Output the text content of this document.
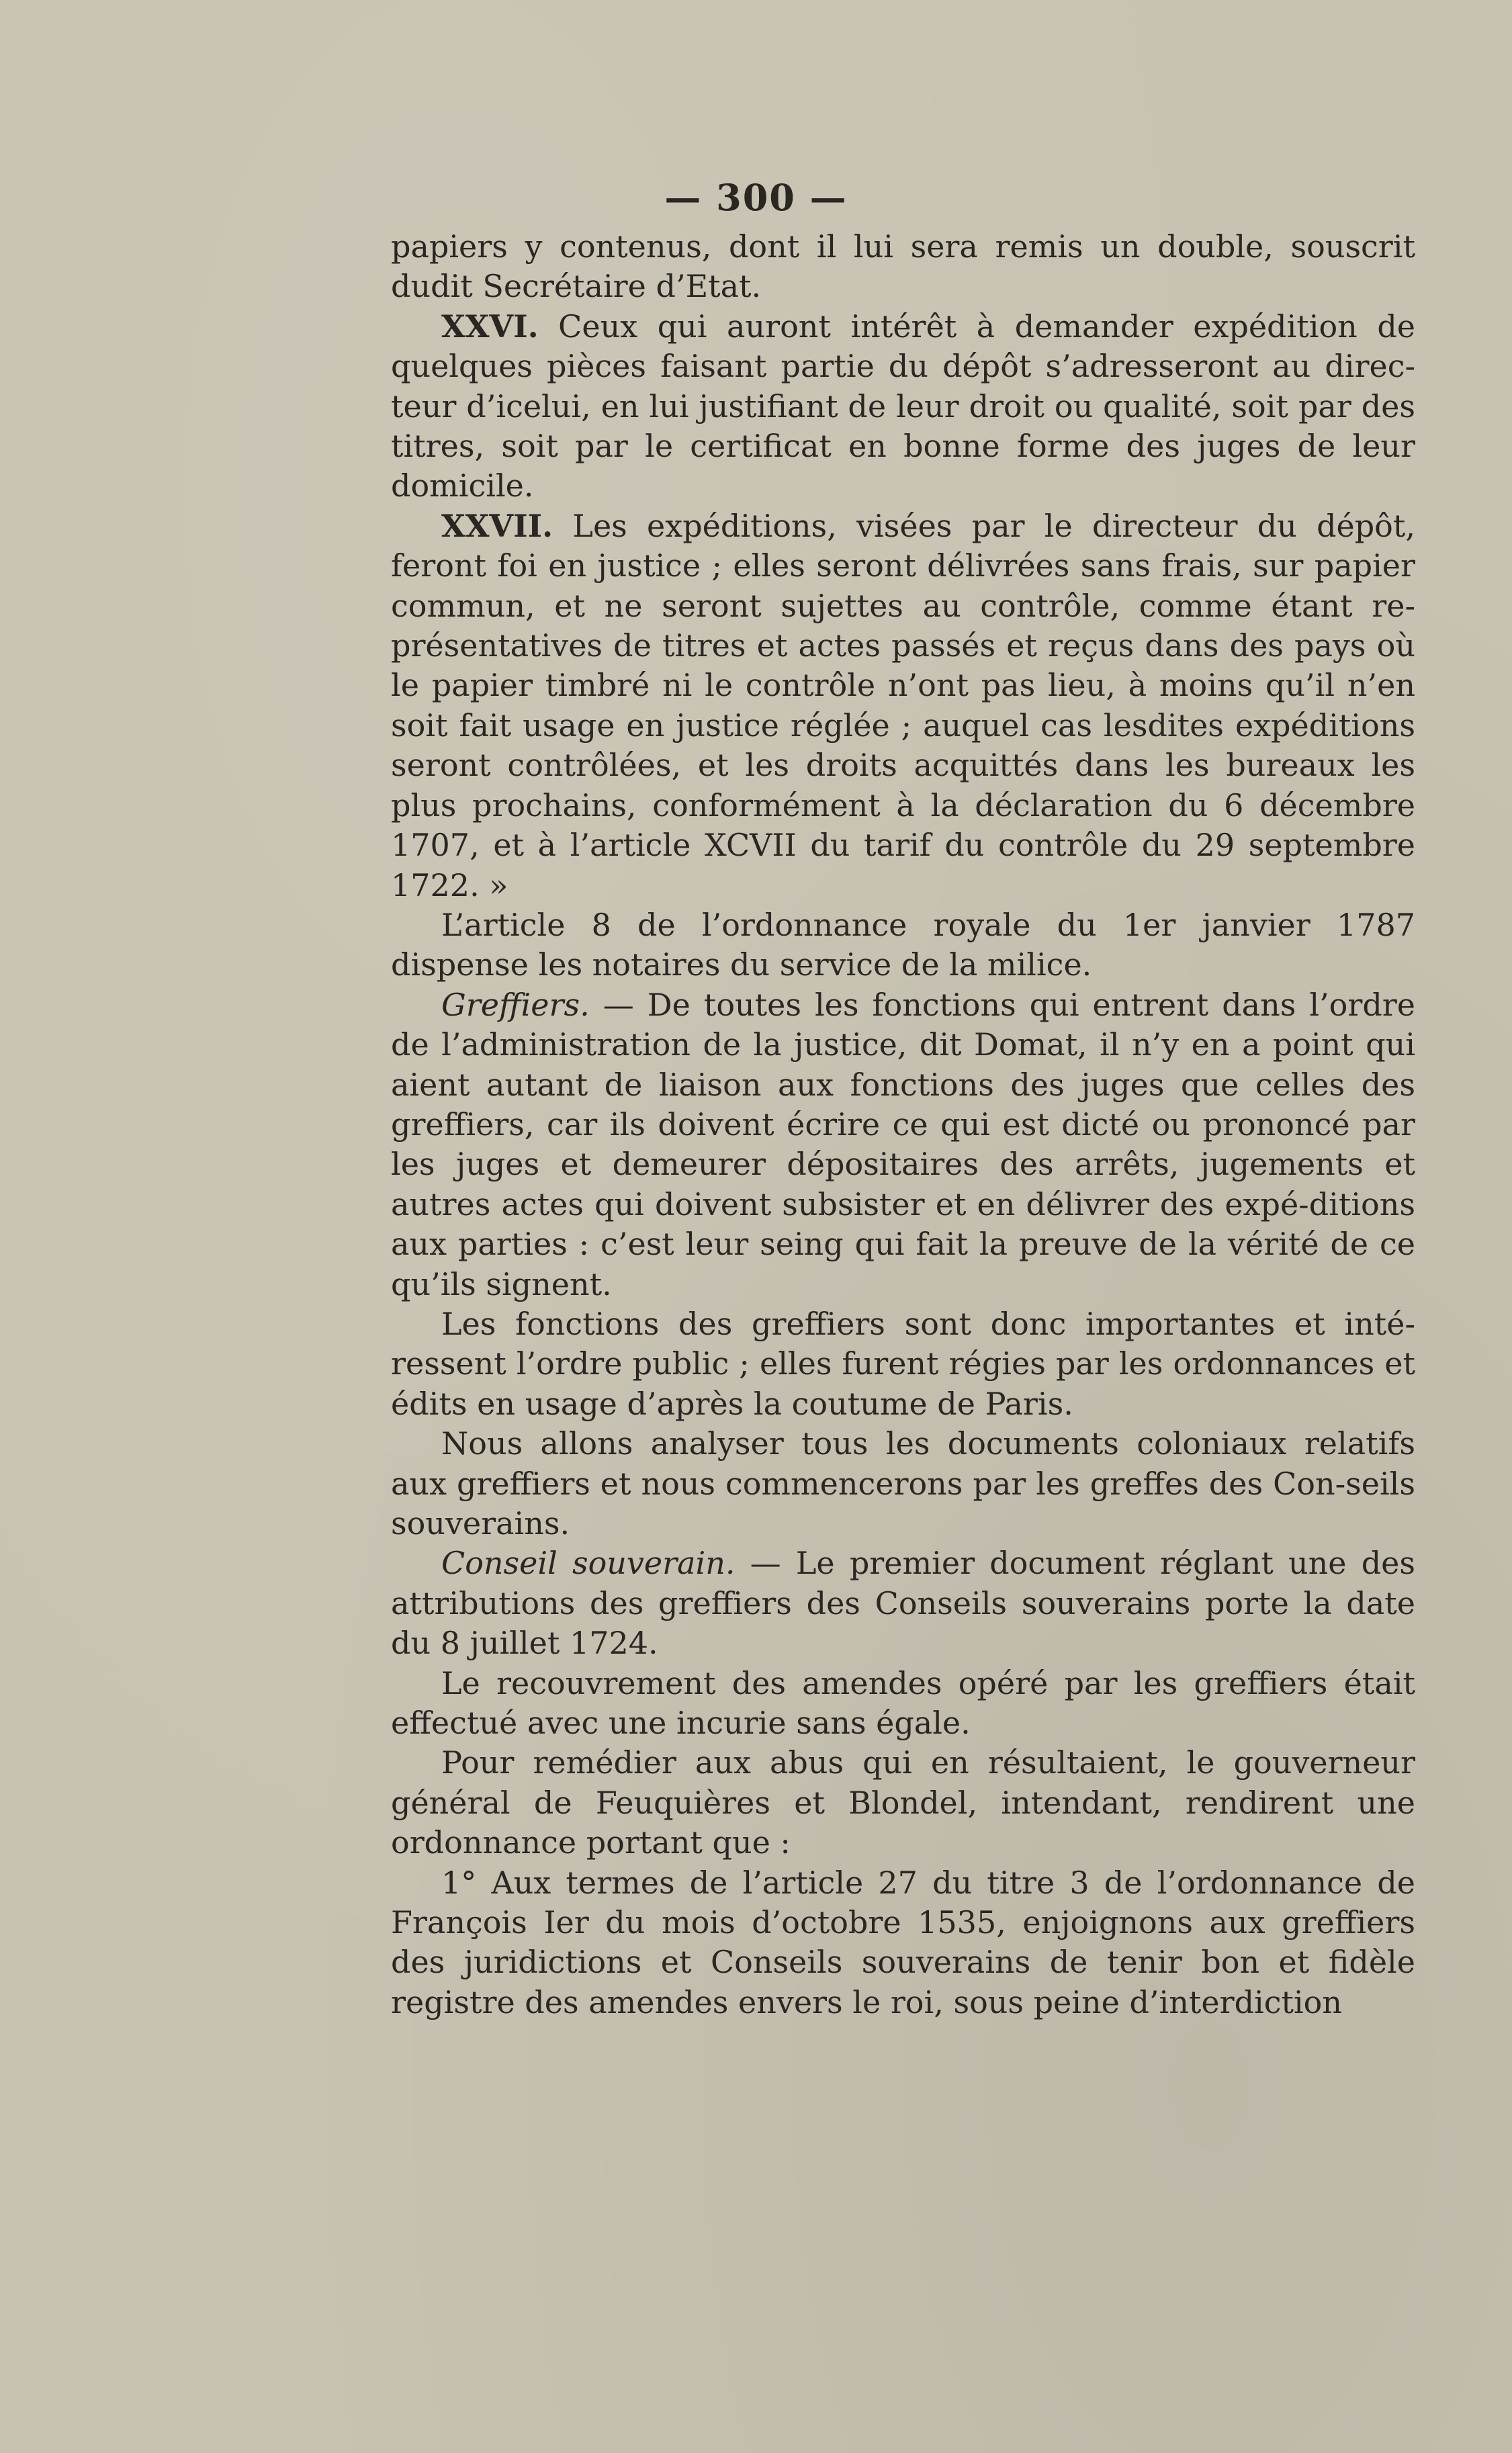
— 300 —

papiers y contenus, dont il lui sera remis un double, souscrit dudit Secrétaire d’Etat.

XXVI. Ceux qui auront intérêt à demander expédition de quelques pièces faisant partie du dépôt s’adresseront au direc-teur d’icelui, en lui justifiant de leur droit ou qualité, soit par des titres, soit par le certificat en bonne forme des juges de leur domicile.

XXVII. Les expéditions, visées par le directeur du dépôt, feront foi en justice ; elles seront délivrées sans frais, sur papier commun, et ne seront sujettes au contrôle, comme étant re-présentatives de titres et actes passés et reçus dans des pays où le papier timbré ni le contrôle n’ont pas lieu, à moins qu’il n’en soit fait usage en justice réglée ; auquel cas lesdites expéditions seront contrôlées, et les droits acquittés dans les bureaux les plus prochains, conformément à la déclaration du 6 décembre 1707, et à l’article XCVII du tarif du contrôle du 29 septembre 1722. »

L’article 8 de l’ordonnance royale du 1er janvier 1787 dispense les notaires du service de la milice.

Greffiers. — De toutes les fonctions qui entrent dans l’ordre de l’administration de la justice, dit Domat, il n’y en a point qui aient autant de liaison aux fonctions des juges que celles des greffiers, car ils doivent écrire ce qui est dicté ou prononcé par les juges et demeurer dépositaires des arrêts, jugements et autres actes qui doivent subsister et en délivrer des expé-ditions aux parties : c’est leur seing qui fait la preuve de la vérité de ce qu’ils signent.

Les fonctions des greffiers sont donc importantes et inté-ressent l’ordre public ; elles furent régies par les ordonnances et édits en usage d’après la coutume de Paris.

Nous allons analyser tous les documents coloniaux relatifs aux greffiers et nous commencerons par les greffes des Con-seils souverains.

Conseil souverain. — Le premier document réglant une des attributions des greffiers des Conseils souverains porte la date du 8 juillet 1724.

Le recouvrement des amendes opéré par les greffiers était effectué avec une incurie sans égale.

Pour remédier aux abus qui en résultaient, le gouverneur général de Feuquières et Blondel, intendant, rendirent une ordonnance portant que :

1° Aux termes de l’article 27 du titre 3 de l’ordonnance de François Ier du mois d’octobre 1535, enjoignons aux greffiers des juridictions et Conseils souverains de tenir bon et fidèle registre des amendes envers le roi, sous peine d’interdiction
